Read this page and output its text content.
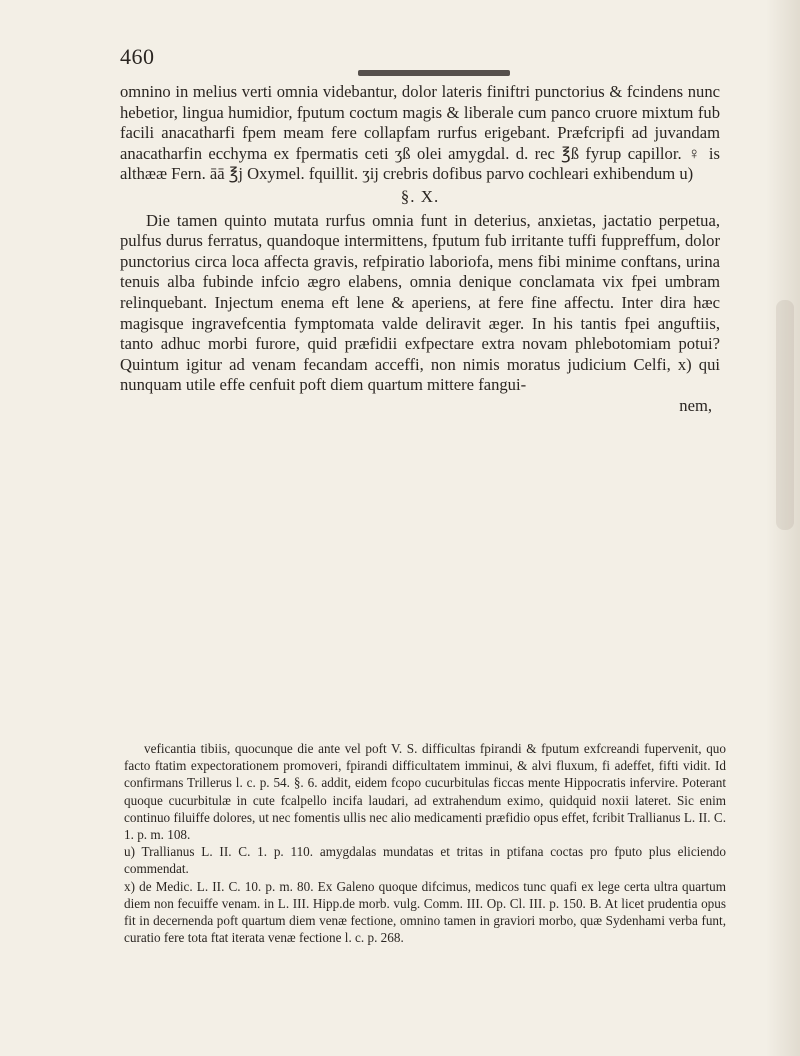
460

omnino in melius verti omnia videbantur, dolor lateris finiftri punctorius & fcindens nunc hebetior, lingua humidior, fputum coctum magis & liberale cum panco cruore mixtum fub facili anacatharfi fpem meam fere collapfam rurfus erigebant. Præfcripfi ad juvandam anacatharfin ecchyma ex fpermatis ceti ʒß olei amygdal. d. rec ℥ß fyrup capillor. ♀ is althææ Fern. āā ℥j Oxymel. fquillit. ʒij crebris dofibus parvo cochleari exhibendum u)

§. X.

Die tamen quinto mutata rurfus omnia funt in deterius, anxietas, jactatio perpetua, pulfus durus ferratus, quandoque intermittens, fputum fub irritante tuffi fuppreffum, dolor punctorius circa loca affecta gravis, refpiratio laboriofa, mens fibi minime conftans, urina tenuis alba fubinde infcio ægro elabens, omnia denique conclamata vix fpei umbram relinquebant. Injectum enema eft lene & aperiens, at fere fine affectu. Inter dira hæc magisque ingravefcentia fymptomata valde deliravit æger. In his tantis fpei anguftiis, tanto adhuc morbi furore, quid præfidii exfpectare extra novam phlebotomiam potui? Quintum igitur ad venam fecandam acceffi, non nimis moratus judicium Celfi, x) qui nunquam utile effe cenfuit poft diem quartum mittere fangui-

nem,

veficantia tibiis, quocunque die ante vel poft V. S. difficultas fpirandi & fputum exfcreandi fupervenit, quo facto ftatim expectorationem promoveri, fpirandi difficultatem imminui, & alvi fluxum, fi adeffet, fifti vidit. Id confirmans Trillerus l. c. p. 54. §. 6. addit, eidem fcopo cucurbitulas ficcas mente Hippocratis infervire. Poterant quoque cucurbitulæ in cute fcalpello incifa laudari, ad extrahendum eximo, quidquid noxii lateret. Sic enim continuo filuiffe dolores, ut nec fomentis ullis nec alio medicamenti præfidio opus effet, fcribit Trallianus L. II. C. 1. p. m. 108.

u) Trallianus L. II. C. 1. p. 110. amygdalas mundatas et tritas in ptifana coctas pro fputo plus eliciendo commendat.

x) de Medic. L. II. C. 10. p. m. 80. Ex Galeno quoque difcimus, medicos tunc quafi ex lege certa ultra quartum diem non fecuiffe venam. in L. III. Hipp.de morb. vulg. Comm. III. Op. Cl. III. p. 150. B. At licet prudentia opus fit in decernenda poft quartum diem venæ fectione, omnino tamen in graviori morbo, quæ Sydenhami verba funt, curatio fere tota ftat iterata venæ fectione l. c. p. 268.
